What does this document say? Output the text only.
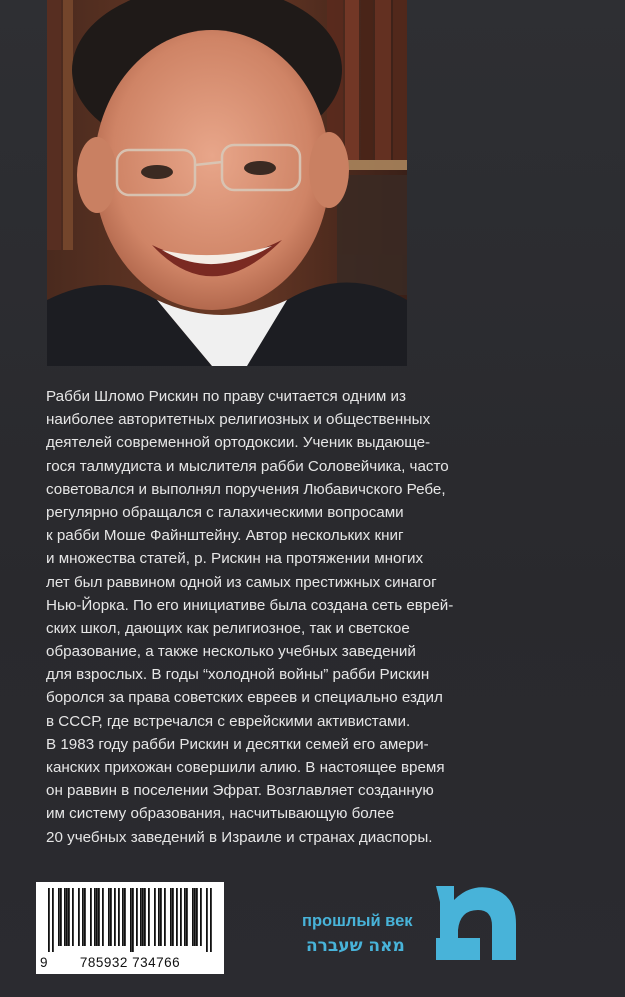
Рабби Шломо Рискин по праву считается одним из
наиболее авторитетных религиозных и общественных
деятелей современной ортодоксии. Ученик выдающе-
гося талмудиста и мыслителя рабби Соловейчика, часто
советовался и выполнял поручения Любавичского Ребе,
регулярно обращался с галахическими вопросами
к рабби Моше Файнштейну. Автор нескольких книг
и множества статей, р. Рискин на протяжении многих
лет был раввином одной из самых престижных синагог
Нью-Йорка. По его инициативе была создана сеть еврей-
ских школ, дающих как религиозное, так и светское
образование, а также несколько учебных заведений
для взрослых. В годы “холодной войны” рабби Рискин
боролся за права советских евреев и специально ездил
в СССР, где встречался с еврейскими активистами.
В 1983 году рабби Рискин и десятки семей его амери-
канских прихожан совершили алию. В настоящее время
он раввин в поселении Эфрат. Возглавляет созданную
им систему образования, насчитывающую более
20 учебных заведений в Израиле и странах диаспоры.
9 785932 734766
прошлый век
מאה שעברה
